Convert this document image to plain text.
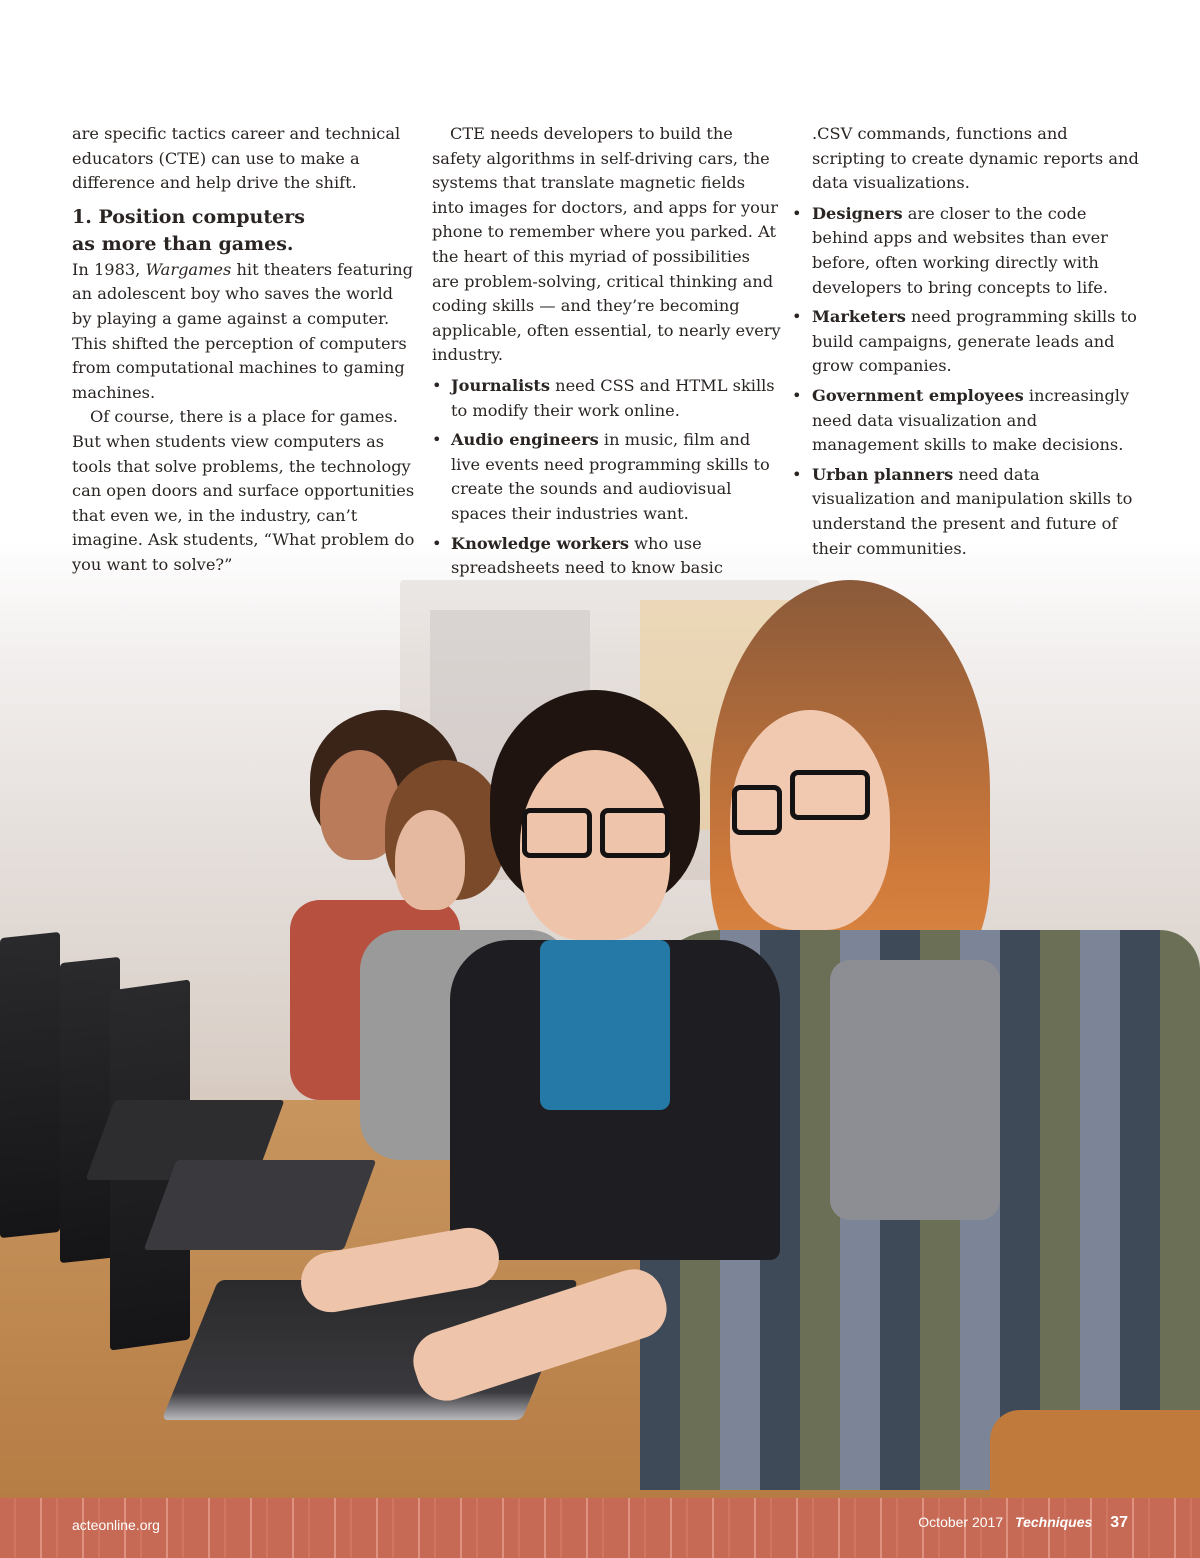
are specific tactics career and technical educators (CTE) can use to make a difference and help drive the shift.

1. Position computers
as more than games.

In 1983, Wargames hit theaters featuring an adolescent boy who saves the world by playing a game against a computer. This shifted the perception of computers from computational machines to gaming machines.

Of course, there is a place for games. But when students view computers as tools that solve problems, the technology can open doors and surface opportunities that even we, in the industry, can’t imagine. Ask students, “What problem do you want to solve?”

CTE needs developers to build the safety algorithms in self-driving cars, the systems that translate magnetic fields into images for doctors, and apps for your phone to remember where you parked. At the heart of this myriad of possibilities are problem-solving, critical thinking and coding skills — and they’re becoming applicable, often essential, to nearly every industry.

• Journalists need CSS and HTML skills to modify their work online.
• Audio engineers in music, film and live events need programming skills to create the sounds and audiovisual spaces their industries want.
• Knowledge workers who use spreadsheets need to know basic

.CSV commands, functions and scripting to create dynamic reports and data visualizations.

• Designers are closer to the code behind apps and websites than ever before, often working directly with developers to bring concepts to life.
• Marketers need programming skills to build campaigns, generate leads and grow companies.
• Government employees increasingly need data visualization and management skills to make decisions.
• Urban planners need data visualization and manipulation skills to understand the present and future of their communities.
acteonline.org	October 2017 Techniques 37
